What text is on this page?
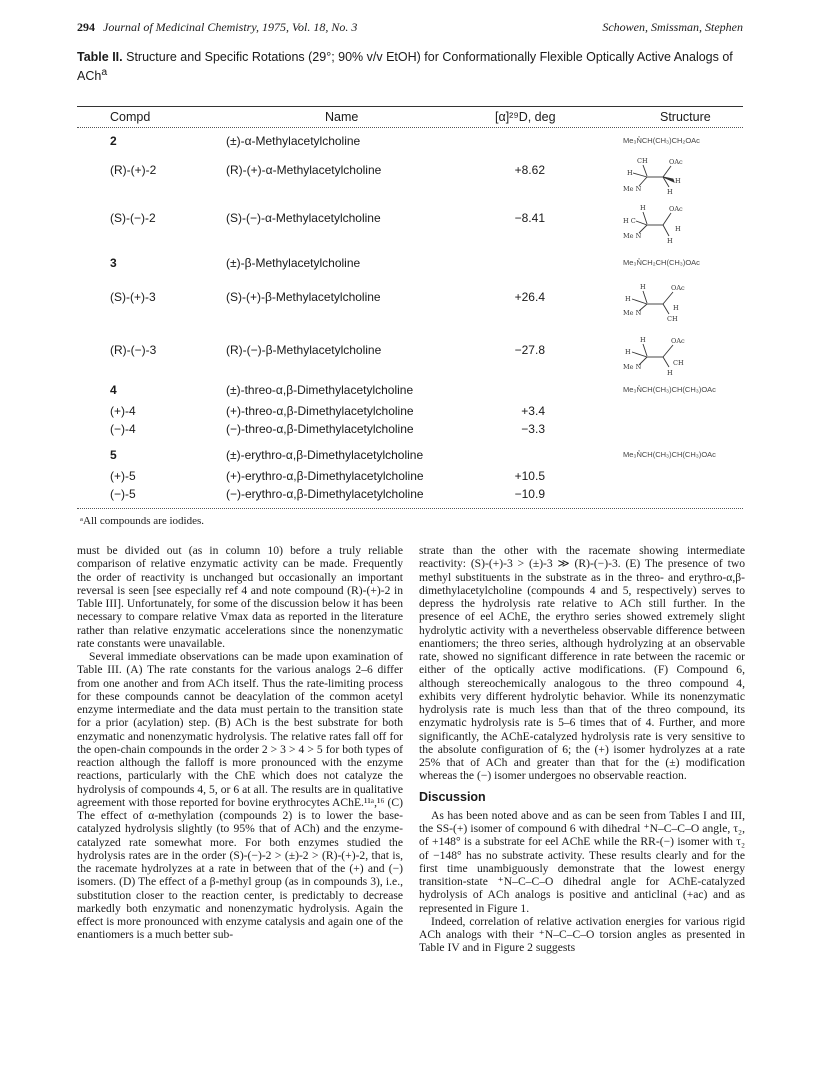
294 Journal of Medicinal Chemistry, 1975, Vol. 18, No. 3	Schowen, Smissman, Stephen
Table II. Structure and Specific Rotations (29°; 90% v/v EtOH) for Conformationally Flexible Optically Active Analogs of ACh$^a$
Compd	Name	[α]²⁹D, deg	Structure
2	(±)-α-Methylacetylcholine	Me₃N̊CH(CH₃)CH₂OAc
(R)-(+)-2	(R)-(+)-α-Methylacetylcholine	+8.62
CH	OAc
H
Me N
H
H
(S)-(−)-2	(S)-(−)-α-Methylacetylcholine	−8.41
H	OAc
H C
Me N
H
H
3	(±)-β-Methylacetylcholine	Me₃N̊CH₂CH(CH₃)OAc
(S)-(+)-3	(S)-(+)-β-Methylacetylcholine	+26.4
H	OAc
H
Me N
H
CH
(R)-(−)-3	(R)-(−)-β-Methylacetylcholine	−27.8
H	OAc
H
Me N	CH
H
4	(±)-threo-α,β-Dimethylacetylcholine	Me₃N̊CH(CH₃)CH(CH₃)OAc
(+)-4	(+)-threo-α,β-Dimethylacetylcholine	+3.4
(−)-4	(−)-threo-α,β-Dimethylacetylcholine	−3.3
5	(±)-erythro-α,β-Dimethylacetylcholine	Me₃N̊CH(CH₃)CH(CH₃)OAc
(+)-5	(+)-erythro-α,β-Dimethylacetylcholine	+10.5
(−)-5	(−)-erythro-α,β-Dimethylacetylcholine	−10.9
ᵃAll compounds are iodides.

must be divided out (as in column 10) before a truly reliable comparison of relative enzymatic activity can be made. Frequently the order of reactivity is unchanged but occasionally an important reversal is seen [see especially ref 4 and note compound (R)-(+)-2 in Table III]. Unfortunately, for some of the discussion below it has been necessary to compare relative Vmax data as reported in the literature rather than relative enzymatic accelerations since the nonenzymatic rate constants were unavailable.

Several immediate observations can be made upon examination of Table III. (A) The rate constants for the various analogs 2–6 differ from one another and from ACh itself. Thus the rate-limiting process for these compounds cannot be deacylation of the common acetyl enzyme intermediate and the data must pertain to the transition state for a prior (acylation) step. (B) ACh is the best substrate for both enzymatic and nonenzymatic hydrolysis. The relative rates fall off for the open-chain compounds in the order 2 > 3 > 4 > 5 for both types of reaction although the falloff is more pronounced with the enzyme reactions, particularly with the ChE which does not catalyze the hydrolysis of compounds 4, 5, or 6 at all. The results are in qualitative agreement with those reported for bovine erythrocytes AChE.¹¹ᵃ,¹⁶ (C) The effect of α-methylation (compounds 2) is to lower the base-catalyzed hydrolysis slightly (to 95% that of ACh) and the enzyme-catalyzed rate somewhat more. For both enzymes studied the hydrolysis rates are in the order (S)-(−)-2 > (±)-2 > (R)-(+)-2, that is, the racemate hydrolyzes at a rate in between that of the (+) and (−) isomers. (D) The effect of a β-methyl group (as in compounds 3), i.e., substitution closer to the reaction center, is predictably to decrease markedly both enzymatic and nonenzymatic hydrolysis. Again the effect is more pronounced with enzyme catalysis and again one of the enantiomers is a much better sub-

strate than the other with the racemate showing intermediate reactivity: (S)-(+)-3 > (±)-3 ≫ (R)-(−)-3. (E) The presence of two methyl substituents in the substrate as in the threo- and erythro-α,β-dimethylacetylcholine (compounds 4 and 5, respectively) serves to depress the hydrolysis rate relative to ACh still further. In the presence of eel AChE, the erythro series showed extremely slight hydrolytic activity with a nevertheless observable difference between enantiomers; the threo series, although hydrolyzing at an observable rate, showed no significant difference in rate between the racemic or either of the optically active modifications. (F) Compound 6, although stereochemically analogous to the threo compound 4, exhibits very different hydrolytic behavior. While its nonenzymatic hydrolysis rate is much less than that of the threo compound, its enzymatic hydrolysis rate is 5–6 times that of 4. Further, and more significantly, the AChE-catalyzed hydrolysis rate is very sensitive to the absolute configuration of 6; the (+) isomer hydrolyzes at a rate 25% that of ACh and greater than that for the (±) modification whereas the (−) isomer undergoes no observable reaction.

Discussion

As has been noted above and as can be seen from Tables I and III, the SS-(+) isomer of compound 6 with dihedral ⁺N–C–C–O angle, τ₂, of +148° is a substrate for eel AChE while the RR-(−) isomer with τ₂ of −148° has no substrate activity. These results clearly and for the first time unambiguously demonstrate that the lowest energy transition-state ⁺N–C–C–O dihedral angle for AChE-catalyzed hydrolysis of ACh analogs is positive and anticlinal (+ac) and as represented in Figure 1.

Indeed, correlation of relative activation energies for various rigid ACh analogs with their ⁺N–C–C–O torsion angles as presented in Table IV and in Figure 2 suggests
